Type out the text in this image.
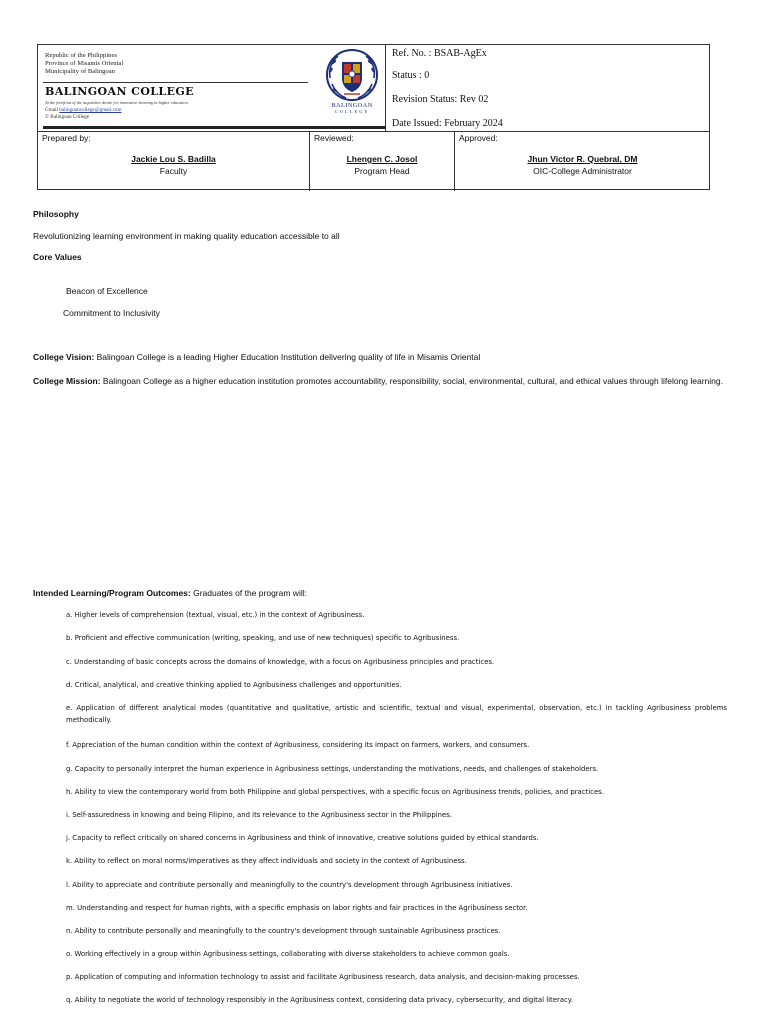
Republic of the Philippines
Province of Misamis Oriental
Municipality of Balingoan
BALINGOAN COLLEGE
At the forefront of the inquisitive desire for innovative learning in higher education
Gmail balingoancollege@gmail.com
© Balingoan College
BALINGOAN
COLLEGE
Ref. No. : BSAB-AgEx
Status : 0
Revision Status: Rev 02
Date Issued: February 2024
Prepared by:
Jackie Lou S. Badilla
Faculty
Reviewed:
Lhengen C. Josol
Program Head
Approved:
Jhun Victor R. Quebral, DM
OIC-College Administrator
Philosophy
Revolutionizing learning environment in making quality education accessible to all
Core Values
Beacon of Excellence
Commitment to Inclusivity
College Vision: Balingoan College is a leading Higher Education Institution delivering quality of life in Misamis Oriental
College Mission: Balingoan College as a higher education institution promotes accountability, responsibility, social, environmental, cultural, and ethical values through lifelong learning.
Intended Learning/Program Outcomes: Graduates of the program will:
a. Higher levels of comprehension (textual, visual, etc.) in the context of Agribusiness.
b. Proficient and effective communication (writing, speaking, and use of new techniques) specific to Agribusiness.
c. Understanding of basic concepts across the domains of knowledge, with a focus on Agribusiness principles and practices.
d. Critical, analytical, and creative thinking applied to Agribusiness challenges and opportunities.
e. Application of different analytical modes (quantitative and qualitative, artistic and scientific, textual and visual, experimental, observation, etc.) in tackling Agribusiness problems methodically.
f. Appreciation of the human condition within the context of Agribusiness, considering its impact on farmers, workers, and consumers.
g. Capacity to personally interpret the human experience in Agribusiness settings, understanding the motivations, needs, and challenges of stakeholders.
h. Ability to view the contemporary world from both Philippine and global perspectives, with a specific focus on Agribusiness trends, policies, and practices.
i. Self-assuredness in knowing and being Filipino, and its relevance to the Agribusiness sector in the Philippines.
j. Capacity to reflect critically on shared concerns in Agribusiness and think of innovative, creative solutions guided by ethical standards.
k. Ability to reflect on moral norms/imperatives as they affect individuals and society in the context of Agribusiness.
l. Ability to appreciate and contribute personally and meaningfully to the country's development through Agribusiness initiatives.
m. Understanding and respect for human rights, with a specific emphasis on labor rights and fair practices in the Agribusiness sector.
n. Ability to contribute personally and meaningfully to the country's development through sustainable Agribusiness practices.
o. Working effectively in a group within Agribusiness settings, collaborating with diverse stakeholders to achieve common goals.
p. Application of computing and information technology to assist and facilitate Agribusiness research, data analysis, and decision-making processes.
q. Ability to negotiate the world of technology responsibly in the Agribusiness context, considering data privacy, cybersecurity, and digital literacy.
